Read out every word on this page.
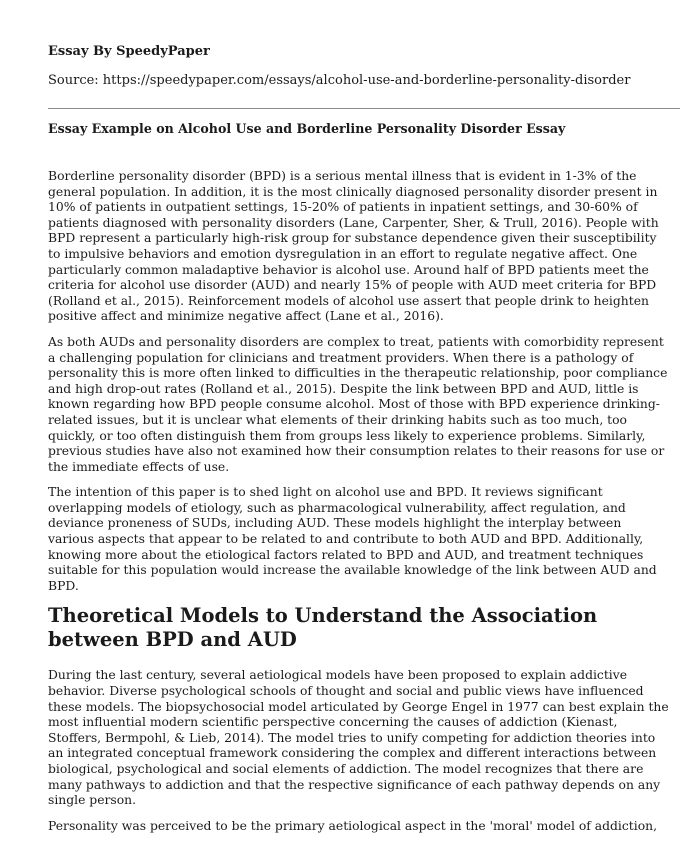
Essay By SpeedyPaper

Source: https://speedypaper.com/essays/alcohol-use-and-borderline-personality-disorder

Essay Example on Alcohol Use and Borderline Personality Disorder Essay

Borderline personality disorder (BPD) is a serious mental illness that is evident in 1-3% of the general population. In addition, it is the most clinically diagnosed personality disorder present in 10% of patients in outpatient settings, 15-20% of patients in inpatient settings, and 30-60% of patients diagnosed with personality disorders (Lane, Carpenter, Sher, & Trull, 2016). People with BPD represent a particularly high-risk group for substance dependence given their susceptibility to impulsive behaviors and emotion dysregulation in an effort to regulate negative affect. One particularly common maladaptive behavior is alcohol use. Around half of BPD patients meet the criteria for alcohol use disorder (AUD) and nearly 15% of people with AUD meet criteria for BPD (Rolland et al., 2015). Reinforcement models of alcohol use assert that people drink to heighten positive affect and minimize negative affect (Lane et al., 2016).

As both AUDs and personality disorders are complex to treat, patients with comorbidity represent a challenging population for clinicians and treatment providers. When there is a pathology of personality this is more often linked to difficulties in the therapeutic relationship, poor compliance and high drop-out rates (Rolland et al., 2015). Despite the link between BPD and AUD, little is known regarding how BPD people consume alcohol. Most of those with BPD experience drinking-related issues, but it is unclear what elements of their drinking habits such as too much, too quickly, or too often distinguish them from groups less likely to experience problems. Similarly, previous studies have also not examined how their consumption relates to their reasons for use or the immediate effects of use.

The intention of this paper is to shed light on alcohol use and BPD. It reviews significant overlapping models of etiology, such as pharmacological vulnerability, affect regulation, and deviance proneness of SUDs, including AUD. These models highlight the interplay between various aspects that appear to be related to and contribute to both AUD and BPD. Additionally, knowing more about the etiological factors related to BPD and AUD, and treatment techniques suitable for this population would increase the available knowledge of the link between AUD and BPD.

Theoretical Models to Understand the Association between BPD and AUD

During the last century, several aetiological models have been proposed to explain addictive behavior. Diverse psychological schools of thought and social and public views have influenced these models. The biopsychosocial model articulated by George Engel in 1977 can best explain the most influential modern scientific perspective concerning the causes of addiction (Kienast, Stoffers, Bermpohl, & Lieb, 2014). The model tries to unify competing for addiction theories into an integrated conceptual framework considering the complex and different interactions between biological, psychological and social elements of addiction. The model recognizes that there are many pathways to addiction and that the respective significance of each pathway depends on any single person.

Personality was perceived to be the primary aetiological aspect in the 'moral' model of addiction,
